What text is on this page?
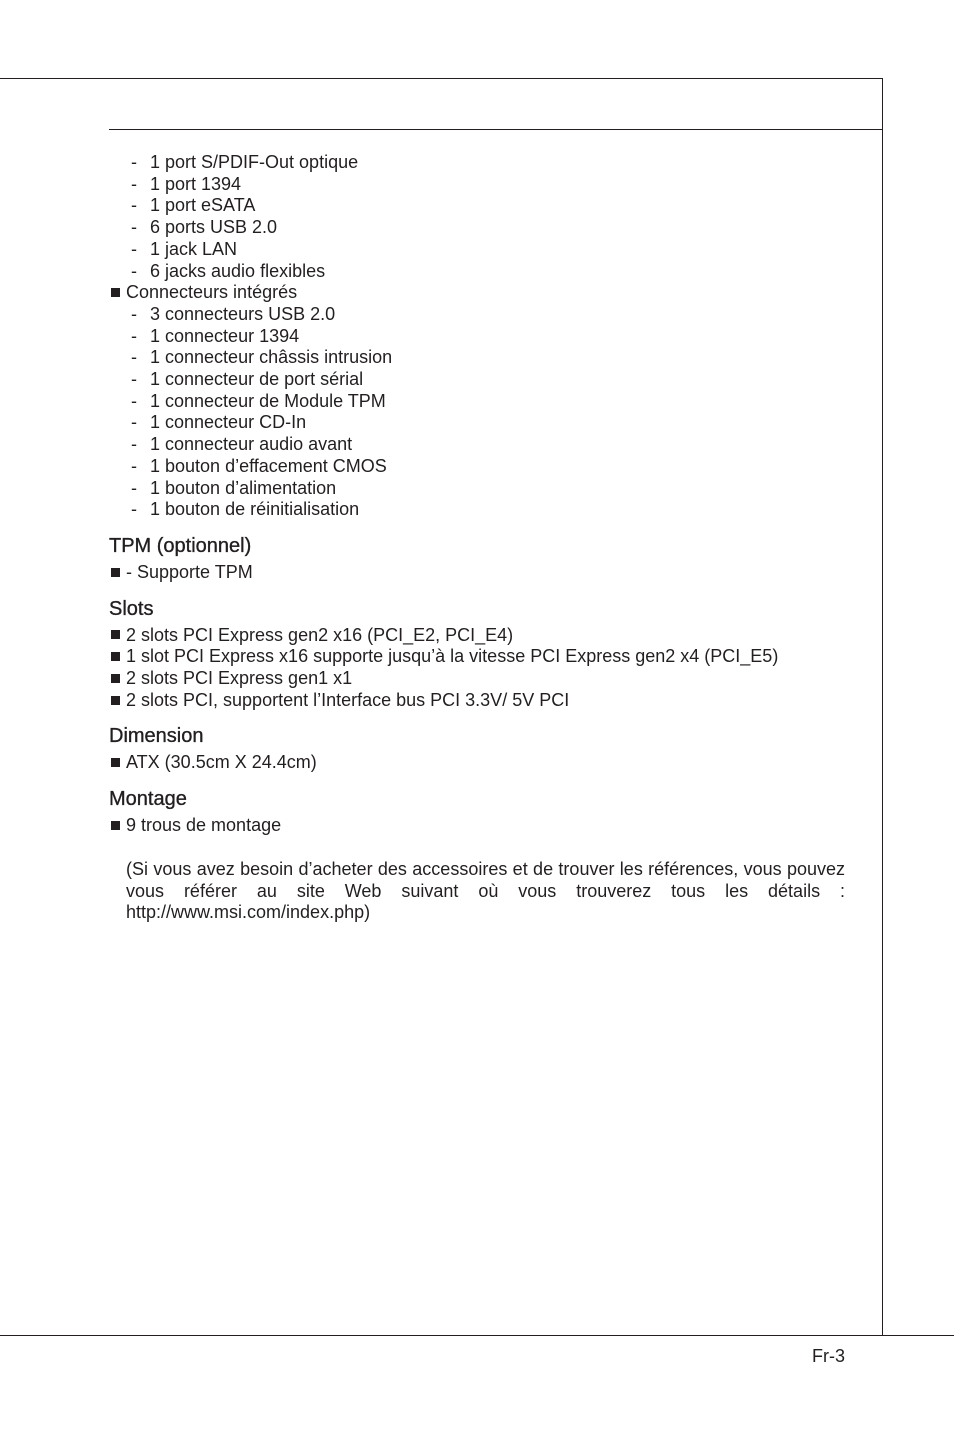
- 1 port S/PDIF-Out optique
- 1 port 1394
- 1 port eSATA
- 6 ports USB 2.0
- 1 jack LAN
- 6 jacks audio flexibles
Connecteurs intégrés
- 3 connecteurs USB 2.0
- 1 connecteur 1394
- 1 connecteur châssis intrusion
- 1 connecteur de port sérial
- 1 connecteur de Module TPM
- 1 connecteur CD-In
- 1 connecteur audio avant
- 1 bouton d’effacement CMOS
- 1 bouton d’alimentation
- 1 bouton de réinitialisation
TPM (optionnel)
- Supporte TPM
Slots
2 slots PCI Express gen2 x16 (PCI_E2, PCI_E4)
1 slot PCI Express x16 supporte jusqu’à la vitesse PCI Express gen2 x4 (PCI_E5)
2 slots PCI Express gen1 x1
2 slots PCI, supportent l’Interface bus PCI 3.3V/ 5V PCI
Dimension
ATX (30.5cm X 24.4cm)
Montage
9 trous de montage
(Si vous avez besoin d’acheter des accessoires et de trouver les références, vous pouvez vous référer au site Web suivant où vous trouverez tous les détails : http://www.msi.com/index.php)
Fr-3
